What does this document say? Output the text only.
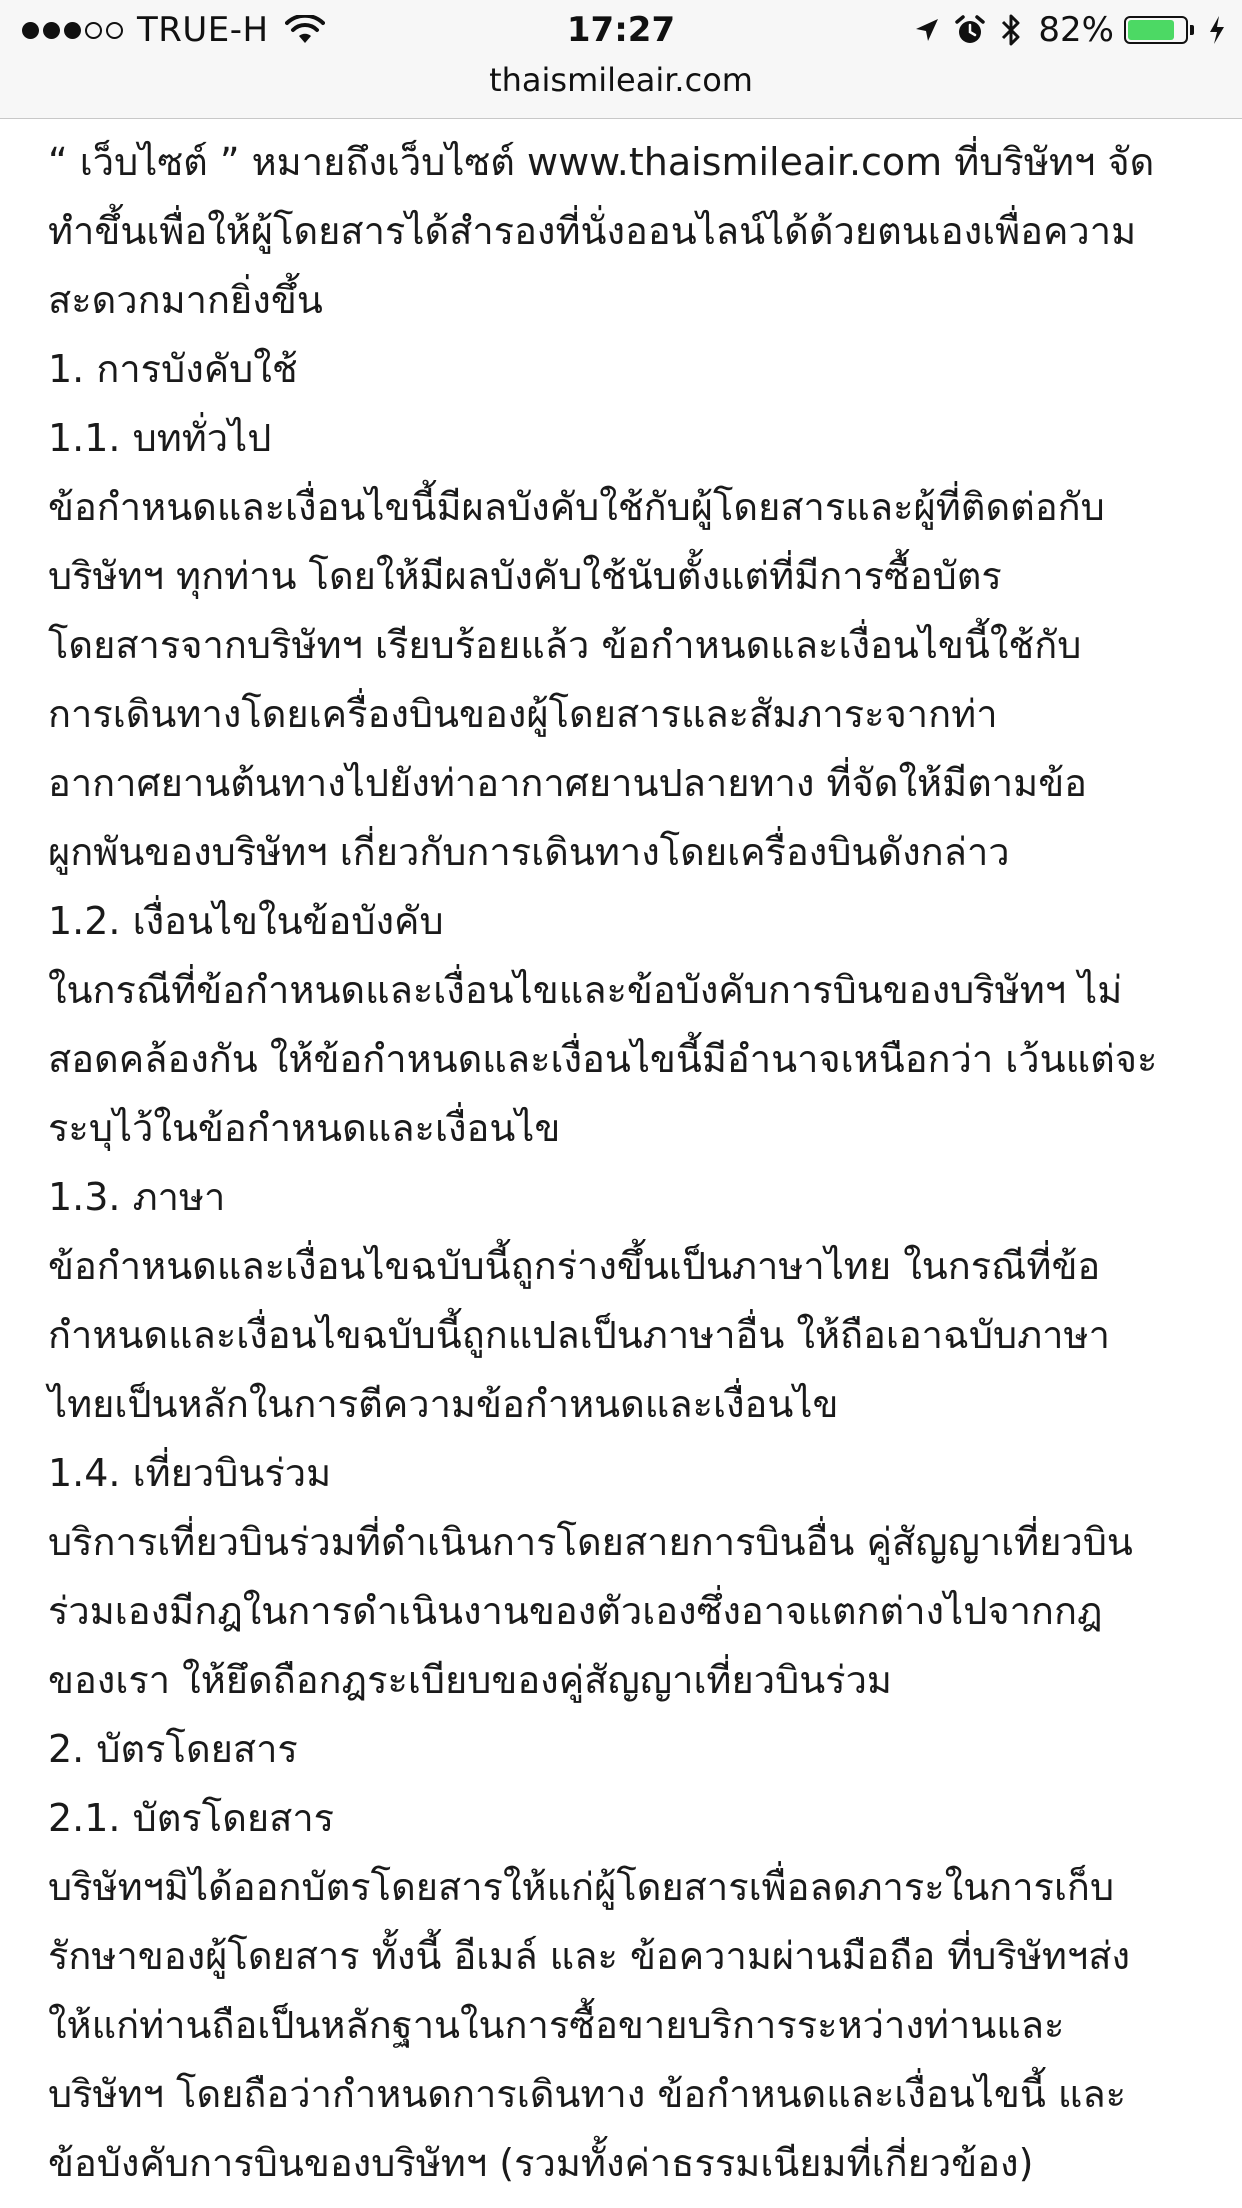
TRUE-H	17:27	82%
thaismileair.com

“ เว็บไซต์ ” หมายถึงเว็บไซต์ www.thaismileair.com ที่บริษัทฯ จัด

ทำขึ้นเพื่อให้ผู้โดยสารได้สำรองที่นั่งออนไลน์ได้ด้วยตนเองเพื่อความ

สะดวกมากยิ่งขึ้น

1. การบังคับใช้

1.1. บททั่วไป

ข้อกำหนดและเงื่อนไขนี้มีผลบังคับใช้กับผู้โดยสารและผู้ที่ติดต่อกับ

บริษัทฯ ทุกท่าน โดยให้มีผลบังคับใช้นับตั้งแต่ที่มีการซื้อบัตร

โดยสารจากบริษัทฯ เรียบร้อยแล้ว ข้อกำหนดและเงื่อนไขนี้ใช้กับ

การเดินทางโดยเครื่องบินของผู้โดยสารและสัมภาระจากท่า

อากาศยานต้นทางไปยังท่าอากาศยานปลายทาง ที่จัดให้มีตามข้อ

ผูกพันของบริษัทฯ เกี่ยวกับการเดินทางโดยเครื่องบินดังกล่าว

1.2. เงื่อนไขในข้อบังคับ

ในกรณีที่ข้อกำหนดและเงื่อนไขและข้อบังคับการบินของบริษัทฯ ไม่

สอดคล้องกัน ให้ข้อกำหนดและเงื่อนไขนี้มีอำนาจเหนือกว่า เว้นแต่จะ

ระบุไว้ในข้อกำหนดและเงื่อนไข

1.3. ภาษา

ข้อกำหนดและเงื่อนไขฉบับนี้ถูกร่างขึ้นเป็นภาษาไทย ในกรณีที่ข้อ

กำหนดและเงื่อนไขฉบับนี้ถูกแปลเป็นภาษาอื่น ให้ถือเอาฉบับภาษา

ไทยเป็นหลักในการตีความข้อกำหนดและเงื่อนไข

1.4. เที่ยวบินร่วม

บริการเที่ยวบินร่วมที่ดำเนินการโดยสายการบินอื่น คู่สัญญาเที่ยวบิน

ร่วมเองมีกฎในการดำเนินงานของตัวเองซึ่งอาจแตกต่างไปจากกฎ

ของเรา ให้ยึดถือกฎระเบียบของคู่สัญญาเที่ยวบินร่วม

2. บัตรโดยสาร

2.1. บัตรโดยสาร

บริษัทฯมิได้ออกบัตรโดยสารให้แก่ผู้โดยสารเพื่อลดภาระในการเก็บ

รักษาของผู้โดยสาร ทั้งนี้ อีเมล์ และ ข้อความผ่านมือถือ ที่บริษัทฯส่ง

ให้แก่ท่านถือเป็นหลักฐานในการซื้อขายบริการระหว่างท่านและ

บริษัทฯ โดยถือว่ากำหนดการเดินทาง ข้อกำหนดและเงื่อนไขนี้ และ

ข้อบังคับการบินของบริษัทฯ (รวมทั้งค่าธรรมเนียมที่เกี่ยวข้อง)
